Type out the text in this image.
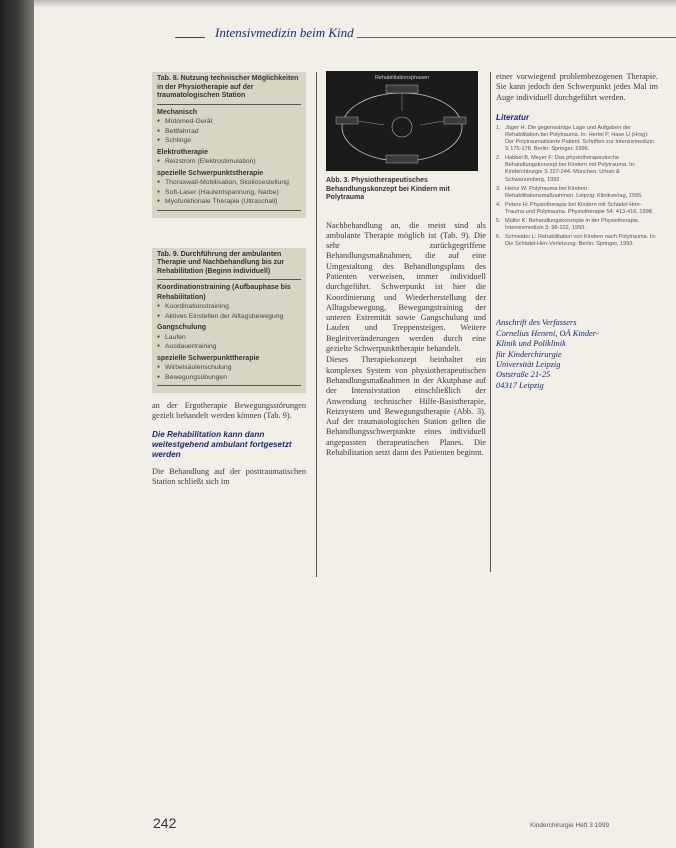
Intensivmedizin beim Kind
Tab. 8. Nutzung technischer Möglichkeiten in der Physiotherapie auf der traumatologischen Station
Mechanisch
● Motomed-Gerät
● Bettfahrrad
● Schlinge
Elektrotherapie
● Reizstrom (Elektrostimulation)
spezielle Schwerpunktstherapie
● Thoraxwall-Mobilisation, Skoliosestellung
● Soft-Laser (Hautentspannung, Narbe)
● Myofunktionale Therapie (Ultraschall)
Tab. 9. Durchführung der ambulanten Therapie und Nachbehandlung bis zur Rehabilitation (Beginn individuell)
Koordinationstraining (Aufbauphase bis Rehabilitation)
● Koordinationstraining
● Aktives Einstellen der Alltagsbewegung
Gangschulung
● Laufen
● Ausdauertraining
spezielle Schwerpunkttherapie
● Wirbelsäulenschulung
● Bewegungsübungen
an der Ergotherapie Bewegungsstörungen gezielt behandelt werden können (Tab. 9).
Die Rehabilitation kann dann weitestgehend ambulant fortgesetzt werden
Die Behandlung auf der posttraumatischen Station schließt sich im
Rehabilitationsphasen
Abb. 3. Physiotherapeutisches Behandlungskonzept bei Kindern mit Polytrauma
Nachbehandlung an, die meist sind als ambulante Therapie möglich ist (Tab. 9). Die sehr zurückgegriffene Behandlungsmaßnahmen, die auf eine Umgestaltung des Behandlungsplans des Patienten verweisen, immer individuell durchgeführt. Schwerpunkt ist hier die Koordinierung und Wiederherstellung der Alltagsbewegung, Bewegungstraining der unteren Extremität sowie Gangschulung und Laufen und Treppensteigen. Weitere Begleitveränderungen werden durch eine gezielte Schwerpunkttherapie behandelt.
Dieses Therapiekonzept beinhaltet ein komplexes System von physiotherapeutischen Behandlungsmaßnahmen in der Akutphase auf der Intensivstation einschließlich der Anwendung technischer Hilfe-Basistherapie, Reizsystem und Bewegungstherapie (Abb. 3). Auf der traumatologischen Station gelten die Behandlungsschwerpunkte eines individuell angepassten therapeutischen Planes. Die Rehabilitation setzt dann des Patienten beginnt.
einer vorwiegend problembezogenen Therapie. Sie kann jedoch den Schwerpunkt jedes Mal im Auge individuell durchgeführt werden.
Literatur
1. Jäger H: Die gegenwärtige Lage und Aufgaben der Rehabilitation bei Polytrauma. In: Hertel P, Hase U (Hrsg): Der Polytraumatisierte Patient. Schriften zur Intensivmedizin. S 175-178. Berlin: Springer, 1996.
2. Habbel B, Meyer F: Das physiotherapeutische Behandlungskonzept bei Kindern mit Polytrauma. In: Kinderchirurgie S 227-244. München: Urban & Schwarzenberg, 1992.
3. Heinz W: Polytrauma bei Kindern. Rehabilitationsmaßnahmen. Leipzig: Klinikverlag, 1995.
4. Peters H: Physiotherapie bei Kindern mit Schädel-Hirn-Trauma und Polytrauma. Physiotherapie 54: 413-416, 1998.
5. Müller K: Behandlungskonzepte in der Physiotherapie. Intensivmedizin 3: 98-102, 1993.
6. Schneider L: Rehabilitation von Kindern nach Polytrauma. In: Die Schädel-Hirn-Verletzung. Berlin: Springer, 1993.
Anschrift des Verfassers
Cornelius Heneni, OÄ Kinder-
Klinik und Poliklinik
für Kinderchirurgie
Universität Leipzig
Oststraße 21-25
04317 Leipzig
242	Kinderchirurgie Heft 3 1999
